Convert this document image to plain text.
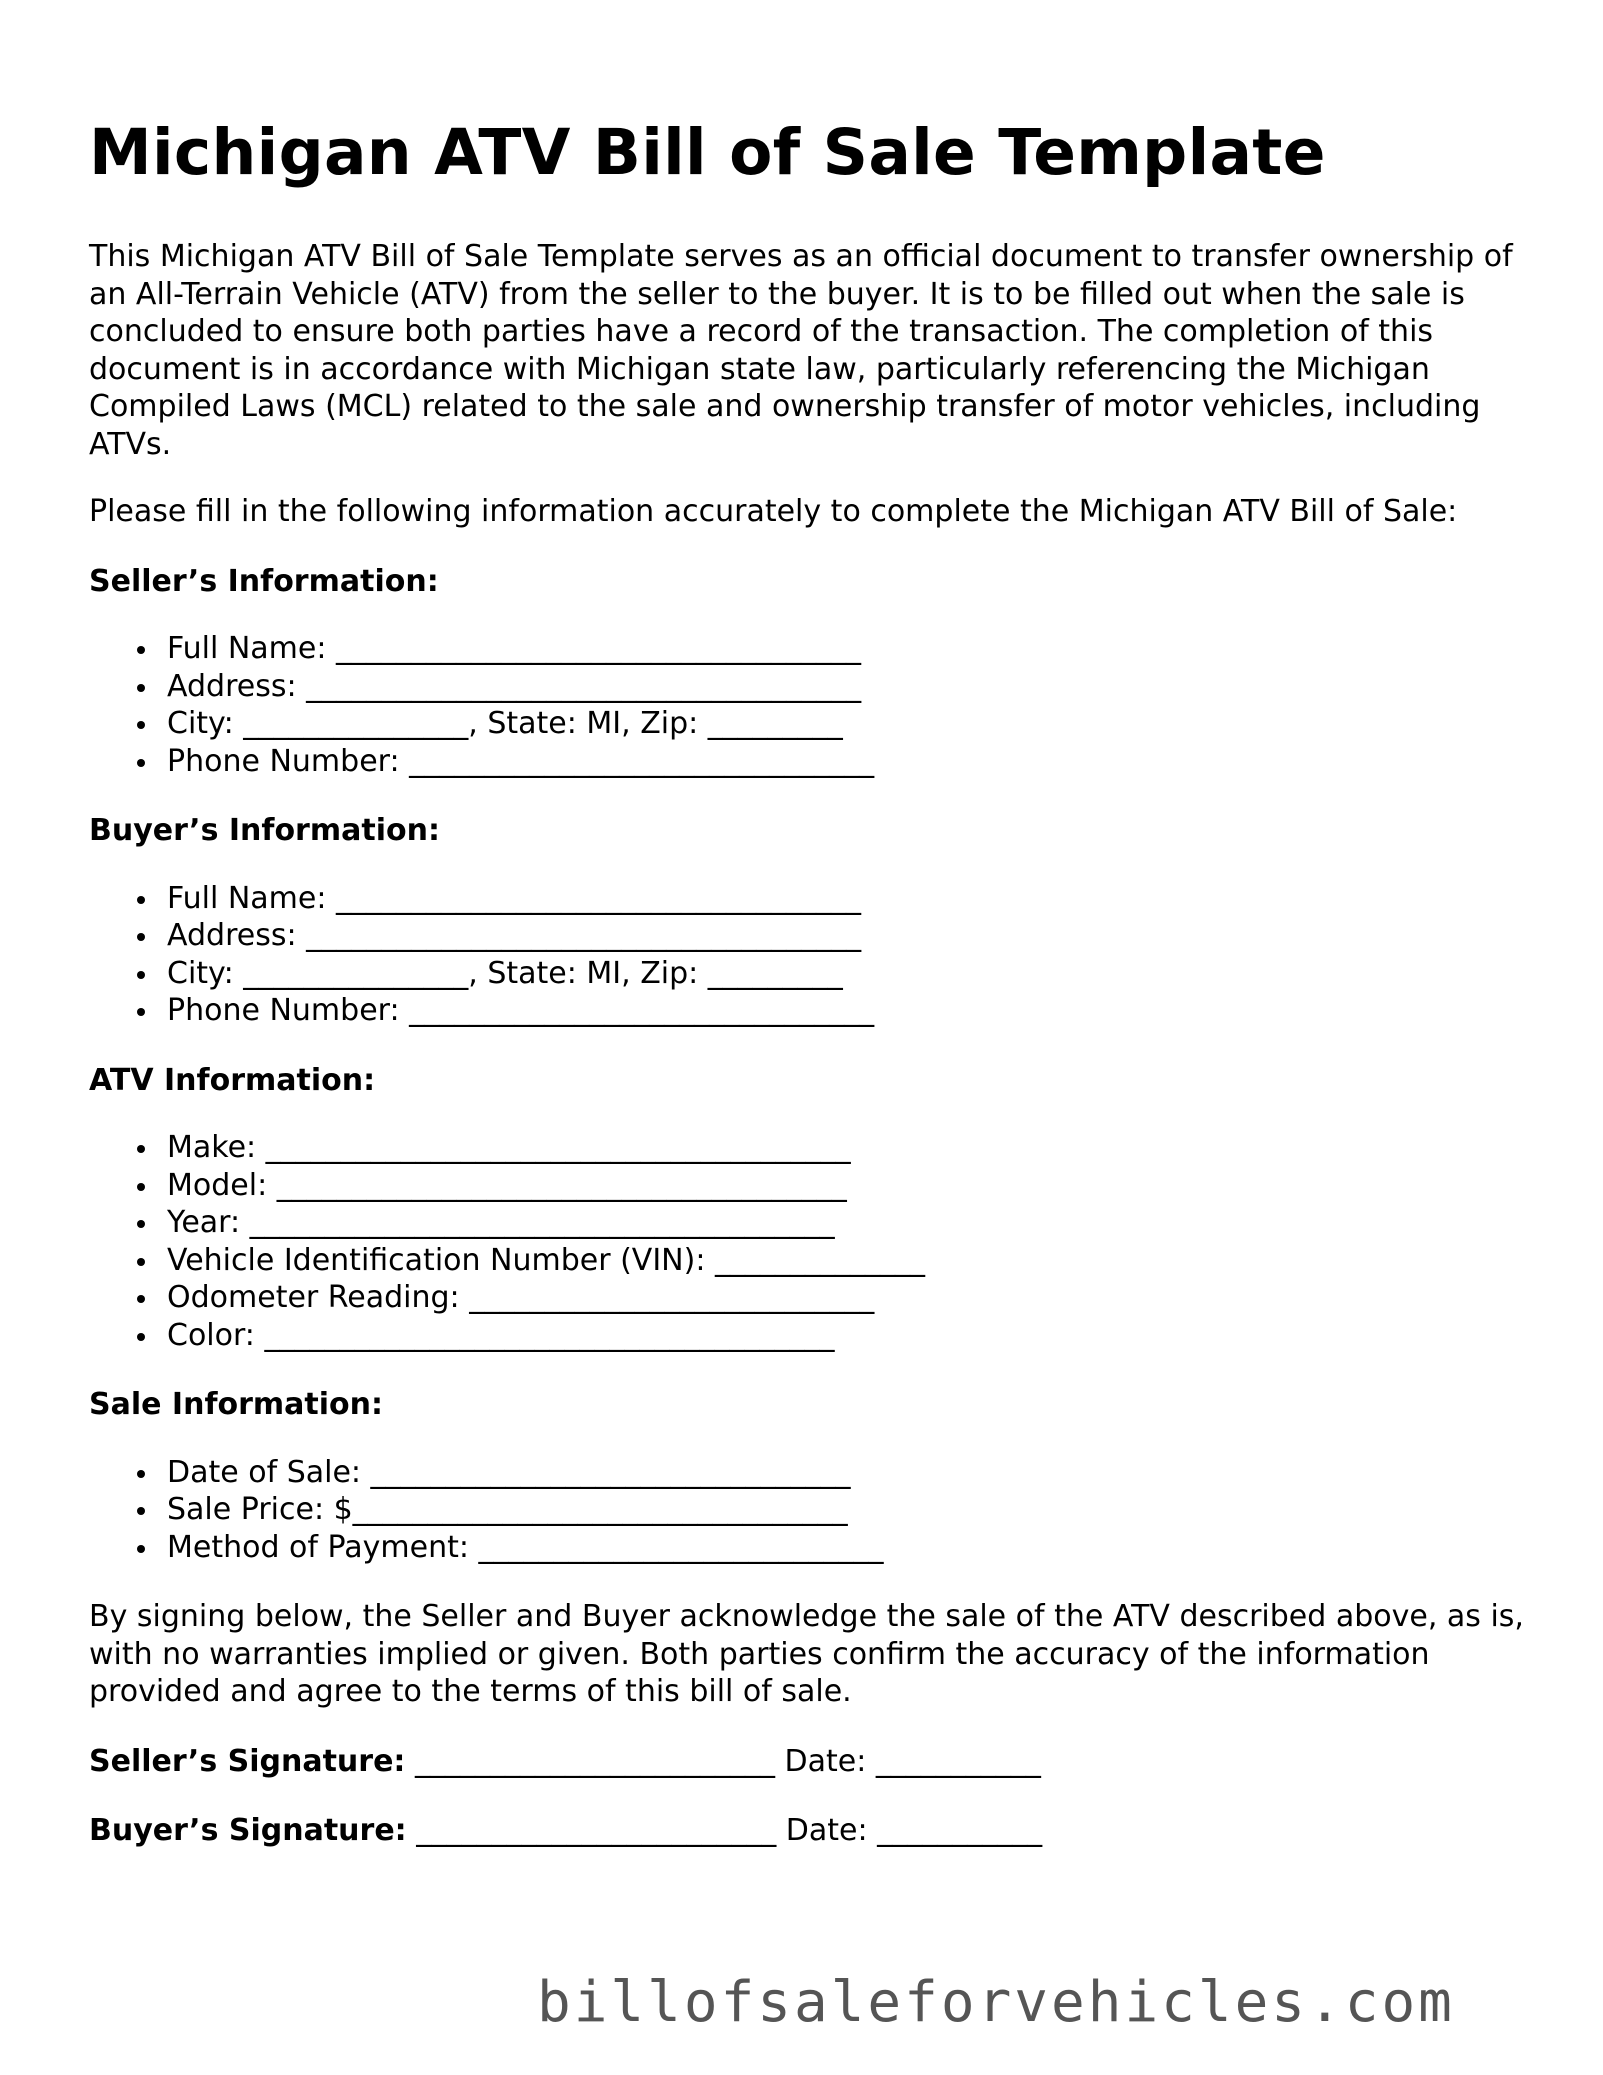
Michigan ATV Bill of Sale Template

This Michigan ATV Bill of Sale Template serves as an official document to transfer ownership of an All-Terrain Vehicle (ATV) from the seller to the buyer. It is to be filled out when the sale is concluded to ensure both parties have a record of the transaction. The completion of this document is in accordance with Michigan state law, particularly referencing the Michigan Compiled Laws (MCL) related to the sale and ownership transfer of motor vehicles, including ATVs.

Please fill in the following information accurately to complete the Michigan ATV Bill of Sale:

Seller’s Information:
Full Name: ___________________________________
Address: _____________________________________
City: _______________, State: MI, Zip: _________
Phone Number: _______________________________
Buyer’s Information:
Full Name: ___________________________________
Address: _____________________________________
City: _______________, State: MI, Zip: _________
Phone Number: _______________________________
ATV Information:
Make: _______________________________________
Model: ______________________________________
Year: _______________________________________
Vehicle Identification Number (VIN): ______________
Odometer Reading: ___________________________
Color: ______________________________________
Sale Information:
Date of Sale: ________________________________
Sale Price: $_________________________________
Method of Payment: ___________________________

By signing below, the Seller and Buyer acknowledge the sale of the ATV described above, as is, with no warranties implied or given. Both parties confirm the accuracy of the information provided and agree to the terms of this bill of sale.

Seller’s Signature: ________________________ Date: ___________
Buyer’s Signature: ________________________ Date: ___________
billofsaleforvehicles.com
